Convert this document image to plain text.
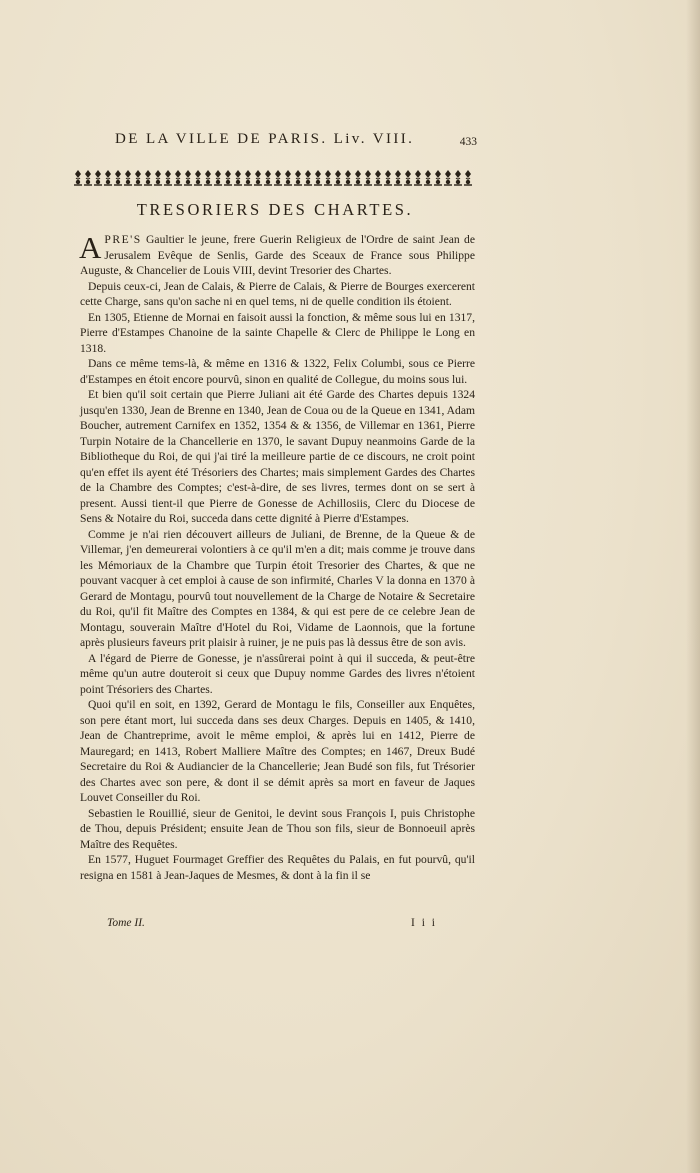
DE LA VILLE DE PARIS. Liv. VIII.	433
TRESORIERS DES CHARTES.

APRE'S Gaultier le jeune, frere Guerin Religieux de l'Ordre de saint Jean de Jerusalem Evêque de Senlis, Garde des Sceaux de France sous Philippe Auguste, & Chancelier de Louis VIII, devint Tresorier des Chartes.

Depuis ceux-ci, Jean de Calais, & Pierre de Calais, & Pierre de Bourges exercerent cette Charge, sans qu'on sache ni en quel tems, ni de quelle condition ils étoient.

En 1305, Etienne de Mornai en faisoit aussi la fonction, & même sous lui en 1317, Pierre d'Estampes Chanoine de la sainte Chapelle & Clerc de Philippe le Long en 1318.

Dans ce même tems-là, & même en 1316 & 1322, Felix Columbi, sous ce Pierre d'Estampes en étoit encore pourvû, sinon en qualité de Collegue, du moins sous lui.

Et bien qu'il soit certain que Pierre Juliani ait été Garde des Chartes depuis 1324 jusqu'en 1330, Jean de Brenne en 1340, Jean de Coua ou de la Queue en 1341, Adam Boucher, autrement Carnifex en 1352, 1354 & & 1356, de Villemar en 1361, Pierre Turpin Notaire de la Chancellerie en 1370, le savant Dupuy neanmoins Garde de la Bibliotheque du Roi, de qui j'ai tiré la meilleure partie de ce discours, ne croit point qu'en effet ils ayent été Trésoriers des Chartes; mais simplement Gardes des Chartes de la Chambre des Comptes; c'est-à-dire, de ses livres, termes dont on se sert à present. Aussi tient-il que Pierre de Gonesse de Achillosiis, Clerc du Diocese de Sens & Notaire du Roi, succeda dans cette dignité à Pierre d'Estampes.

Comme je n'ai rien découvert ailleurs de Juliani, de Brenne, de la Queue & de Villemar, j'en demeurerai volontiers à ce qu'il m'en a dit; mais comme je trouve dans les Mémoriaux de la Chambre que Turpin étoit Tresorier des Chartes, & que ne pouvant vacquer à cet emploi à cause de son infirmité, Charles V la donna en 1370 à Gerard de Montagu, pourvû tout nouvellement de la Charge de Notaire & Secretaire du Roi, qu'il fit Maître des Comptes en 1384, & qui est pere de ce celebre Jean de Montagu, souverain Maître d'Hotel du Roi, Vidame de Laonnois, que la fortune après plusieurs faveurs prit plaisir à ruiner, je ne puis pas là dessus être de son avis.

A l'égard de Pierre de Gonesse, je n'assûrerai point à qui il succeda, & peut-être même qu'un autre douteroit si ceux que Dupuy nomme Gardes des livres n'étoient point Trésoriers des Chartes.

Quoi qu'il en soit, en 1392, Gerard de Montagu le fils, Conseiller aux Enquêtes, son pere étant mort, lui succeda dans ses deux Charges. Depuis en 1405, & 1410, Jean de Chantreprime, avoit le même emploi, & après lui en 1412, Pierre de Mauregard; en 1413, Robert Malliere Maître des Comptes; en 1467, Dreux Budé Secretaire du Roi & Audiancier de la Chancellerie; Jean Budé son fils, fut Trésorier des Chartes avec son pere, & dont il se démit après sa mort en faveur de Jaques Louvet Conseiller du Roi.

Sebastien le Rouillié, sieur de Genitoi, le devint sous François I, puis Christophe de Thou, depuis Président; ensuite Jean de Thou son fils, sieur de Bonnoeuil après Maître des Requêtes.

En 1577, Huguet Fourmaget Greffier des Requêtes du Palais, en fut pourvû, qu'il resigna en 1581 à Jean-Jaques de Mesmes, & dont à la fin il se

Tome II.	I i i
